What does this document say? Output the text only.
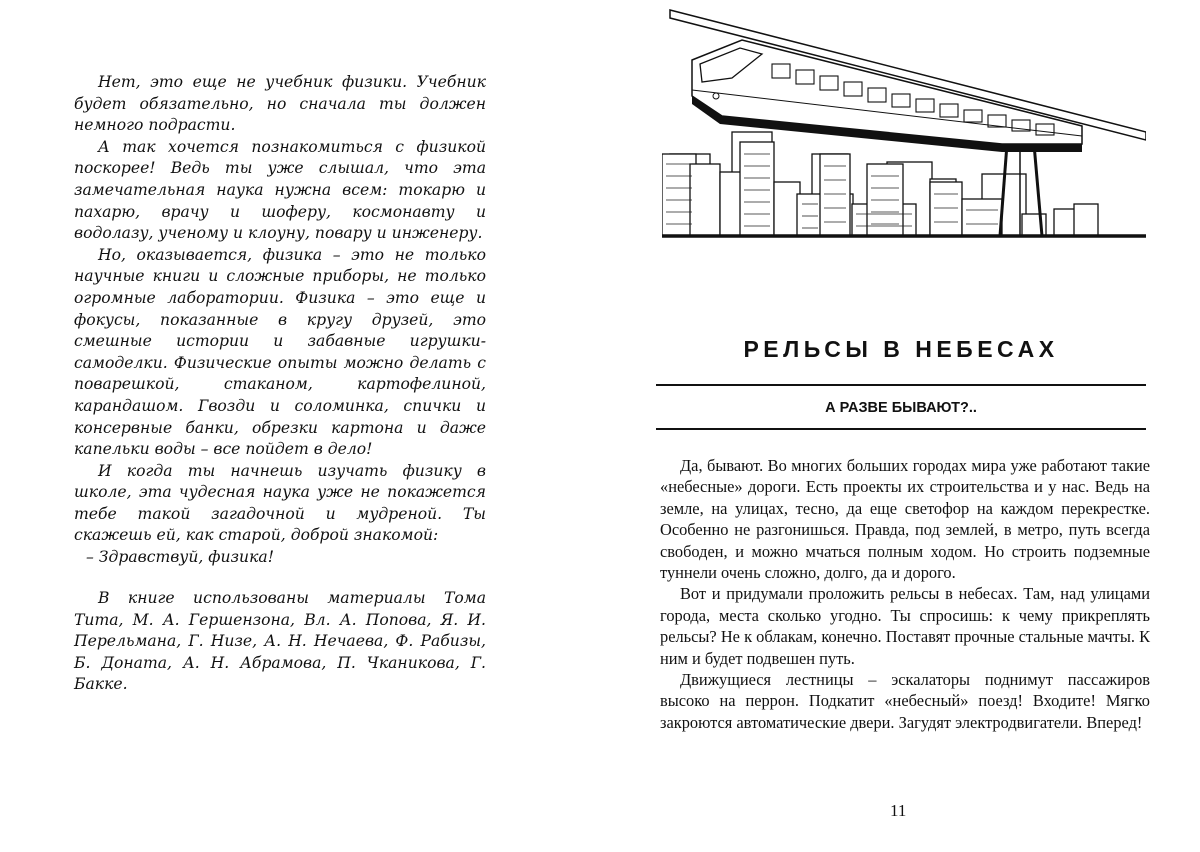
Нет, это еще не учебник физики. Учебник будет обязательно, но сначала ты должен немного подрасти.

А так хочется познакомиться с физикой поскорее! Ведь ты уже слышал, что эта замечательная наука нужна всем: токарю и пахарю, врачу и шоферу, космонавту и водолазу, ученому и клоуну, повару и инженеру.

Но, оказывается, физика – это не только научные книги и сложные приборы, не только огромные лаборатории. Физика – это еще и фокусы, показанные в кругу друзей, это смешные истории и забавные игрушки-самоделки. Физические опыты можно делать с поварешкой, стаканом, картофелиной, карандашом. Гвозди и соломинка, спички и консервные банки, обрезки картона и даже капельки воды – все пойдет в дело!

И когда ты начнешь изучать физику в школе, эта чудесная наука уже не покажется тебе такой загадочной и мудреной. Ты скажешь ей, как старой, доброй знакомой:

– Здравствуй, физика!

В книге использованы материалы Тома Тита, М. А. Гершензона, Вл. А. Попова, Я. И. Перельмана, Г. Низе, А. Н. Нечаева, Ф. Рабизы, Б. Доната, А. Н. Абрамова, П. Чканикова, Г. Бакке.

РЕЛЬСЫ В НЕБЕСАХ
А РАЗВЕ БЫВАЮТ?..

Да, бывают. Во многих больших городах мира уже работают такие «небесные» дороги. Есть проекты их строительства и у нас. Ведь на земле, на улицах, тесно, да еще светофор на каждом перекрестке. Особенно не разгонишься. Правда, под землей, в метро, путь всегда свободен, и можно мчаться полным ходом. Но строить подземные туннели очень сложно, долго, да и дорого.

Вот и придумали проложить рельсы в небесах. Там, над улицами города, места сколько угодно. Ты спросишь: к чему прикреплять рельсы? Не к облакам, конечно. Поставят прочные стальные мачты. К ним и будет подвешен путь.

Движущиеся лестницы – эскалаторы поднимут пассажиров высоко на перрон. Подкатит «небесный» поезд! Входите! Мягко закроются автоматические двери. Загудят электродвигатели. Вперед!

11
